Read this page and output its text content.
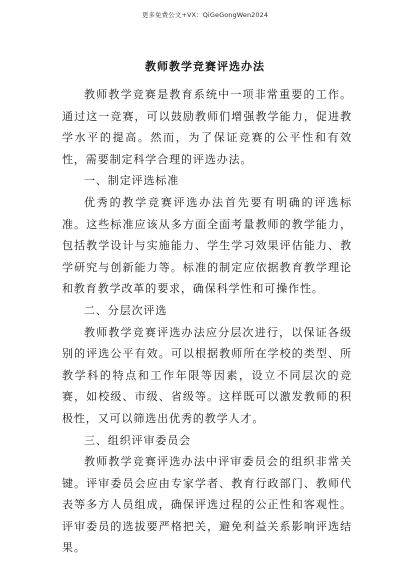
更多免费公文+VX：QiGeGongWen2024
教师教学竞赛评选办法

教师教学竞赛是教育系统中一项非常重要的工作。通过这一竞赛，可以鼓励教师们增强教学能力，促进教学水平的提高。然而，为了保证竞赛的公平性和有效性，需要制定科学合理的评选办法。

一、制定评选标准

优秀的教学竞赛评选办法首先要有明确的评选标准。这些标准应该从多方面全面考量教师的教学能力，包括教学设计与实施能力、学生学习效果评估能力、教学研究与创新能力等。标准的制定应依据教育教学理论和教育教学改革的要求，确保科学性和可操作性。

二、分层次评选

教师教学竞赛评选办法应分层次进行，以保证各级别的评选公平有效。可以根据教师所在学校的类型、所教学科的特点和工作年限等因素，设立不同层次的竞赛，如校级、市级、省级等。这样既可以激发教师的积极性，又可以筛选出优秀的教学人才。

三、组织评审委员会

教师教学竞赛评选办法中评审委员会的组织非常关键。评审委员会应由专家学者、教育行政部门、教师代表等多方人员组成，确保评选过程的公正性和客观性。评审委员的选拔要严格把关，避免利益关系影响评选结果。
